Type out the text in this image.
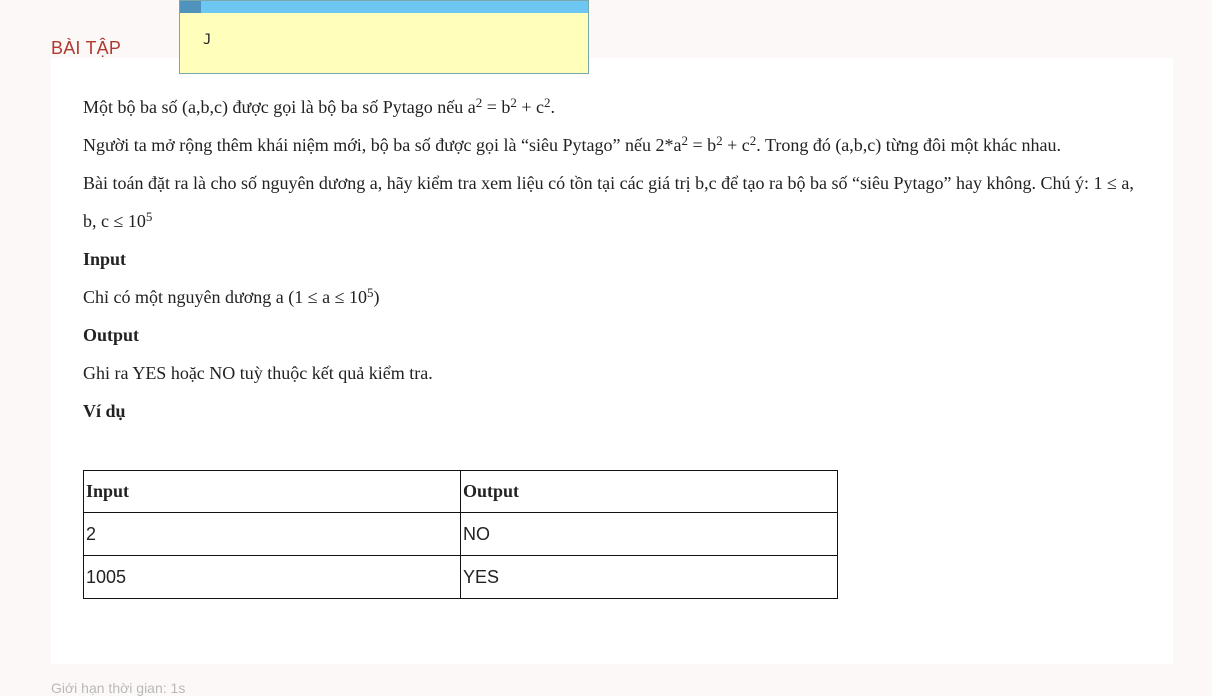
BÀI TẬP	J

Một bộ ba số (a,b,c) được gọi là bộ ba số Pytago nếu $a^2 = b^2 + c^2$.

Người ta mở rộng thêm khái niệm mới, bộ ba số được gọi là “siêu Pytago” nếu $2*a^2 = b^2 + c^2$. Trong đó (a,b,c) từng đôi một khác nhau.

Bài toán đặt ra là cho số nguyên dương a, hãy kiểm tra xem liệu có tồn tại các giá trị b,c để tạo ra bộ ba số “siêu Pytago” hay không. Chú ý: 1 ≤ a, b, $c \le 10^5$

Input

Chỉ có một nguyên dương a $(1 \le a \le 10^5)$

Output

Ghi ra YES hoặc NO tuỳ thuộc kết quả kiểm tra.

Ví dụ

Input	Output
2	NO
1005	YES
Giới hạn thời gian: 1s
